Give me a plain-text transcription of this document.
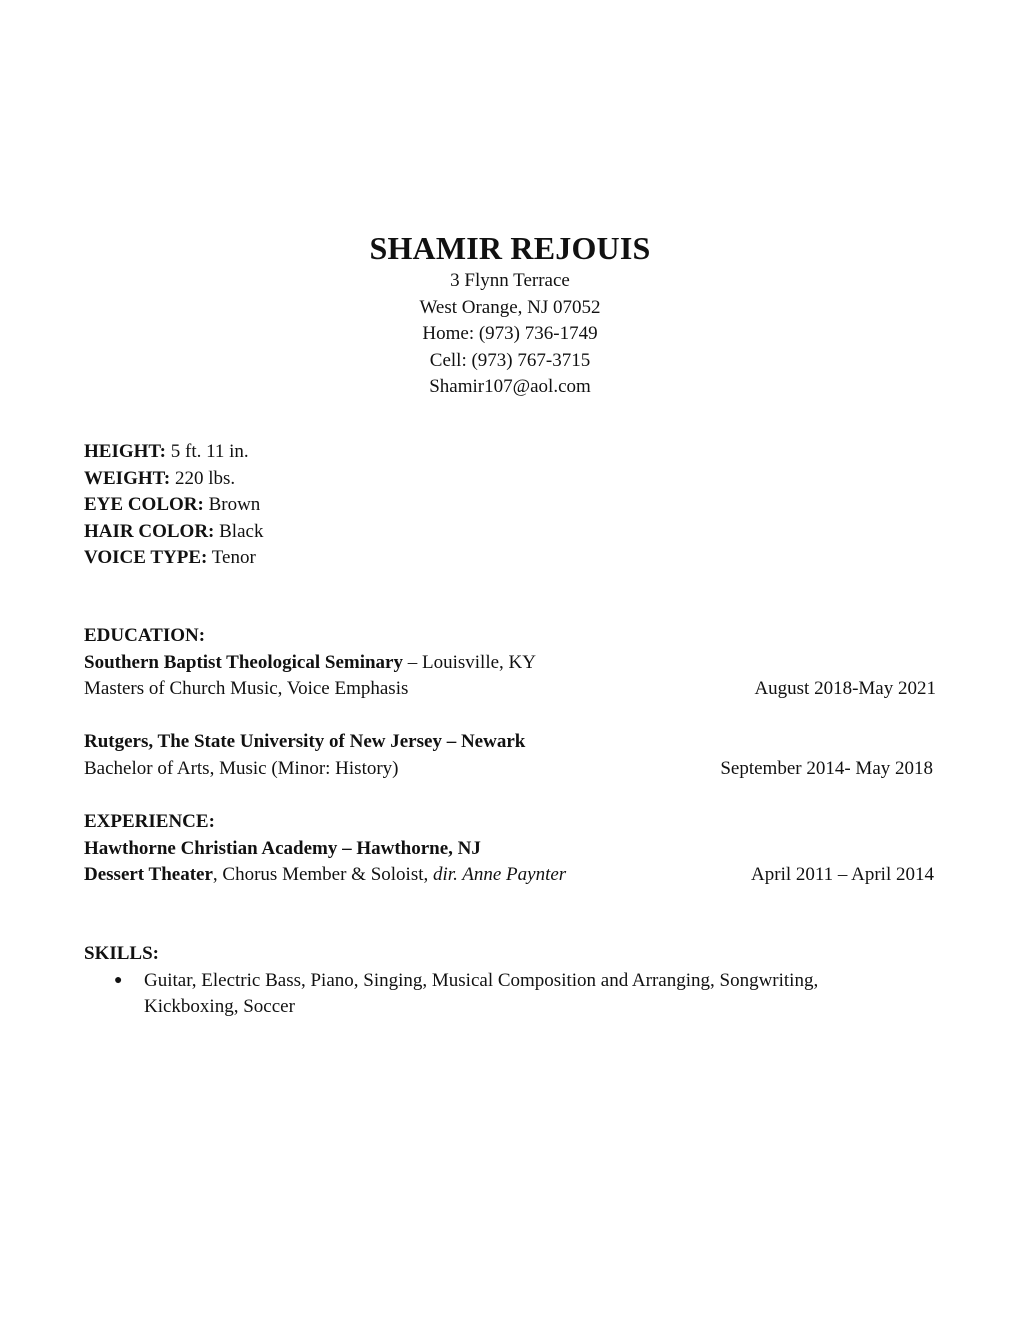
SHAMIR REJOUIS
3 Flynn Terrace
West Orange, NJ 07052
Home: (973) 736-1749
Cell: (973) 767-3715
Shamir107@aol.com
HEIGHT: 5 ft. 11 in.
WEIGHT: 220 lbs.
EYE COLOR: Brown
HAIR COLOR: Black
VOICE TYPE: Tenor
EDUCATION:
Southern Baptist Theological Seminary – Louisville, KY
Masters of Church Music, Voice Emphasis	August 2018-May 2021
Rutgers, The State University of New Jersey – Newark
Bachelor of Arts, Music (Minor: History)	September 2014- May 2018
EXPERIENCE:
Hawthorne Christian Academy – Hawthorne, NJ
Dessert Theater, Chorus Member & Soloist, dir. Anne Paynter	April 2011 – April 2014
SKILLS:
● Guitar, Electric Bass, Piano, Singing, Musical Composition and Arranging, Songwriting, Kickboxing, Soccer
